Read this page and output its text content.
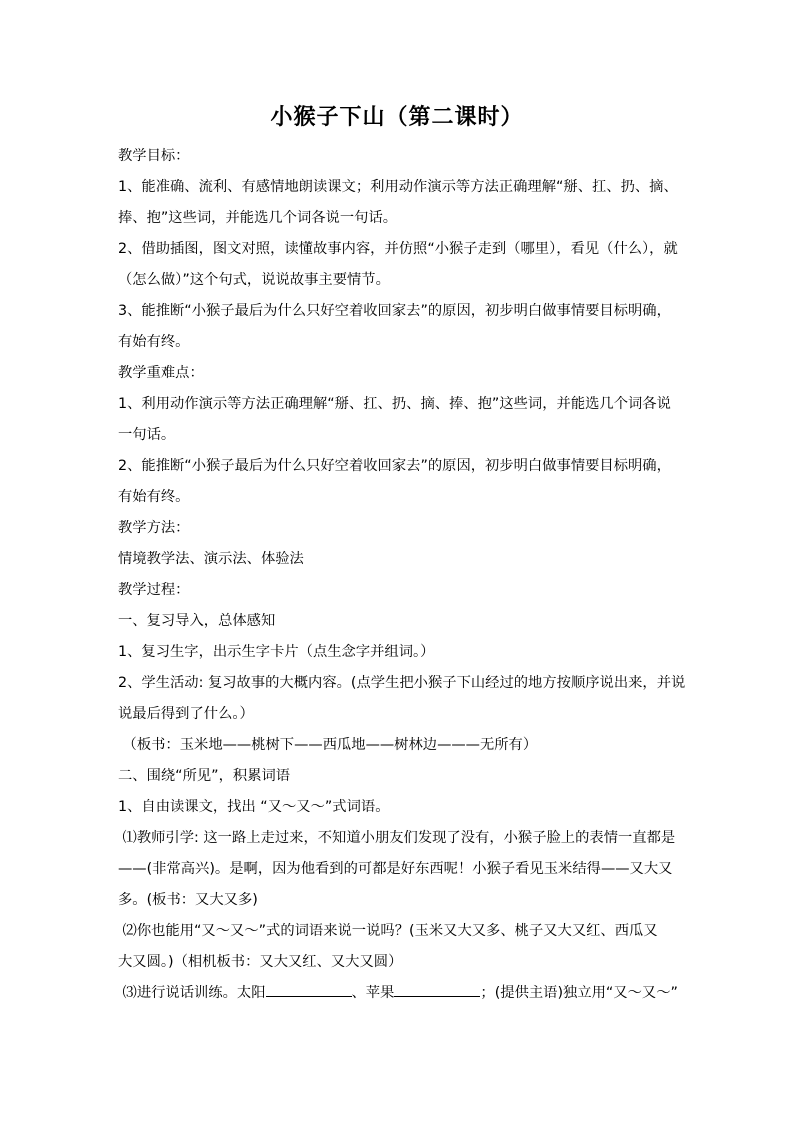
小猴子下山（第二课时）
教学目标：
1、能准确、流利、有感情地朗读课文；利用动作演示等方法正确理解“掰、扛、扔、摘、
捧、抱”这些词，并能选几个词各说一句话。
2、借助插图，图文对照，读懂故事内容，并仿照“小猴子走到（哪里），看见（什么），就
（怎么做）”这个句式，说说故事主要情节。
3、能推断“小猴子最后为什么只好空着收回家去”的原因，初步明白做事情要目标明确，
有始有终。
教学重难点：
1、利用动作演示等方法正确理解“掰、扛、扔、摘、捧、抱”这些词，并能选几个词各说
一句话。
2、能推断“小猴子最后为什么只好空着收回家去”的原因，初步明白做事情要目标明确，
有始有终。
教学方法：
情境教学法、演示法、体验法
教学过程：
一、复习导入，总体感知
1、复习生字，出示生字卡片（点生念字并组词。）
2、学生活动: 复习故事的大概内容。(点学生把小猴子下山经过的地方按顺序说出来，并说
说最后得到了什么。）
（板书：玉米地——桃树下——西瓜地——树林边———无所有）
二、围绕“所见”，积累词语
1、自由读课文，找出 “又～又～”式词语。
⑴教师引学: 这一路上走过来，不知道小朋友们发现了没有，小猴子脸上的表情一直都是
——(非常高兴)。是啊，因为他看到的可都是好东西呢！小猴子看见玉米结得——又大又
多。(板书：又大又多)
⑵你也能用“又～又～”式的词语来说一说吗？(玉米又大又多、桃子又大又红、西瓜又
大又圆。)（相机板书：又大又红、又大又圆）
⑶进行说话训练。太阳	、苹果	；(提供主语)独立用“又～又～”
